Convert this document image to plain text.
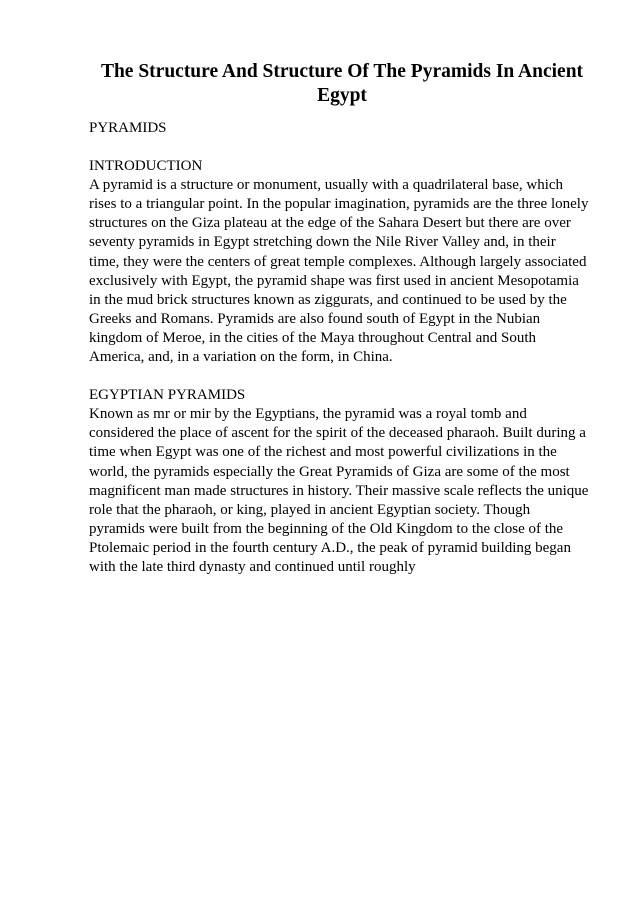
The Structure And Structure Of The Pyramids In Ancient Egypt

PYRAMIDS

INTRODUCTION

A pyramid is a structure or monument, usually with a quadrilateral base, which rises to a triangular point. In the popular imagination, pyramids are the three lonely structures on the Giza plateau at the edge of the Sahara Desert but there are over seventy pyramids in Egypt stretching down the Nile River Valley and, in their time, they were the centers of great temple complexes. Although largely associated exclusively with Egypt, the pyramid shape was first used in ancient Mesopotamia in the mud brick structures known as ziggurats, and continued to be used by the Greeks and Romans. Pyramids are also found south of Egypt in the Nubian kingdom of Meroe, in the cities of the Maya throughout Central and South America, and, in a variation on the form, in China.

EGYPTIAN PYRAMIDS

Known as mr or mir by the Egyptians, the pyramid was a royal tomb and considered the place of ascent for the spirit of the deceased pharaoh. Built during a time when Egypt was one of the richest and most powerful civilizations in the world, the pyramids especially the Great Pyramids of Giza are some of the most magnificent man made structures in history. Their massive scale reflects the unique role that the pharaoh, or king, played in ancient Egyptian society. Though pyramids were built from the beginning of the Old Kingdom to the close of the Ptolemaic period in the fourth century A.D., the peak of pyramid building began with the late third dynasty and continued until roughly
